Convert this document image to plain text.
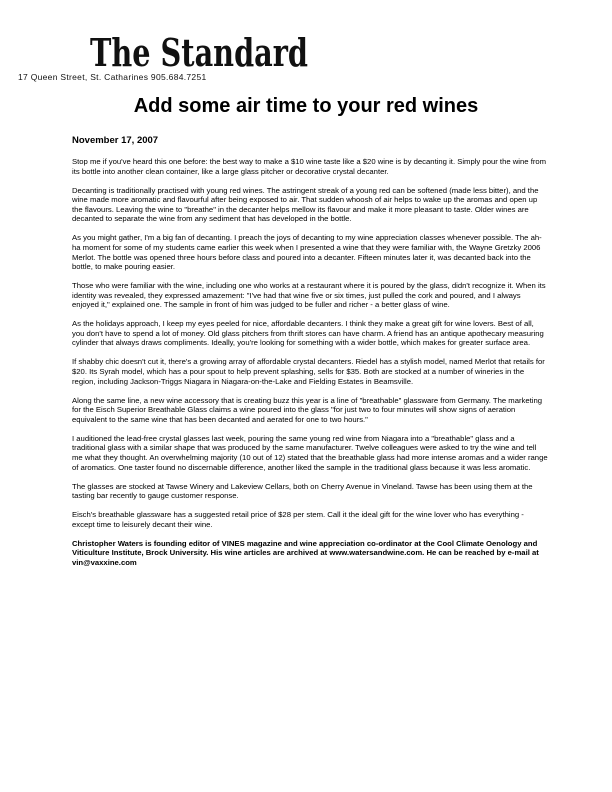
The Standard
17 Queen Street, St. Catharines 905.684.7251
Add some air time to your red wines
November 17, 2007

Stop me if you've heard this one before: the best way to make a $10 wine taste like a $20 wine is by decanting it. Simply pour the wine from its bottle into another clean container, like a large glass pitcher or decorative crystal decanter.

Decanting is traditionally practised with young red wines. The astringent streak of a young red can be softened (made less bitter), and the wine made more aromatic and flavourful after being exposed to air. That sudden whoosh of air helps to wake up the aromas and open up the flavours. Leaving the wine to "breathe" in the decanter helps mellow its flavour and make it more pleasant to taste. Older wines are decanted to separate the wine from any sediment that has developed in the bottle.

As you might gather, I'm a big fan of decanting. I preach the joys of decanting to my wine appreciation classes whenever possible. The ah-ha moment for some of my students came earlier this week when I presented a wine that they were familiar with, the Wayne Gretzky 2006 Merlot. The bottle was opened three hours before class and poured into a decanter. Fifteen minutes later it, was decanted back into the bottle, to make pouring easier.

Those who were familiar with the wine, including one who works at a restaurant where it is poured by the glass, didn't recognize it. When its identity was revealed, they expressed amazement: "I've had that wine five or six times, just pulled the cork and poured, and I always enjoyed it," explained one. The sample in front of him was judged to be fuller and richer - a better glass of wine.

As the holidays approach, I keep my eyes peeled for nice, affordable decanters. I think they make a great gift for wine lovers. Best of all, you don't have to spend a lot of money. Old glass pitchers from thrift stores can have charm. A friend has an antique apothecary measuring cylinder that always draws compliments. Ideally, you're looking for something with a wider bottle, which makes for greater surface area.

If shabby chic doesn't cut it, there's a growing array of affordable crystal decanters. Riedel has a stylish model, named Merlot that retails for $20. Its Syrah model, which has a pour spout to help prevent splashing, sells for $35. Both are stocked at a number of wineries in the region, including Jackson-Triggs Niagara in Niagara-on-the-Lake and Fielding Estates in Beamsville.

Along the same line, a new wine accessory that is creating buzz this year is a line of "breathable" glassware from Germany. The marketing for the Eisch Superior Breathable Glass claims a wine poured into the glass "for just two to four minutes will show signs of aeration equivalent to the same wine that has been decanted and aerated for one to two hours."

I auditioned the lead-free crystal glasses last week, pouring the same young red wine from Niagara into a "breathable" glass and a traditional glass with a similar shape that was produced by the same manufacturer. Twelve colleagues were asked to try the wine and tell me what they thought. An overwhelming majority (10 out of 12) stated that the breathable glass had more intense aromas and a wider range of aromatics. One taster found no discernable difference, another liked the sample in the traditional glass because it was less aromatic.

The glasses are stocked at Tawse Winery and Lakeview Cellars, both on Cherry Avenue in Vineland. Tawse has been using them at the tasting bar recently to gauge customer response.

Eisch's breathable glassware has a suggested retail price of $28 per stem. Call it the ideal gift for the wine lover who has everything - except time to leisurely decant their wine.

Christopher Waters is founding editor of VINES magazine and wine appreciation co-ordinator at the Cool Climate Oenology and Viticulture Institute, Brock University. His wine articles are archived at www.watersandwine.com. He can be reached by e-mail at vin@vaxxine.com
